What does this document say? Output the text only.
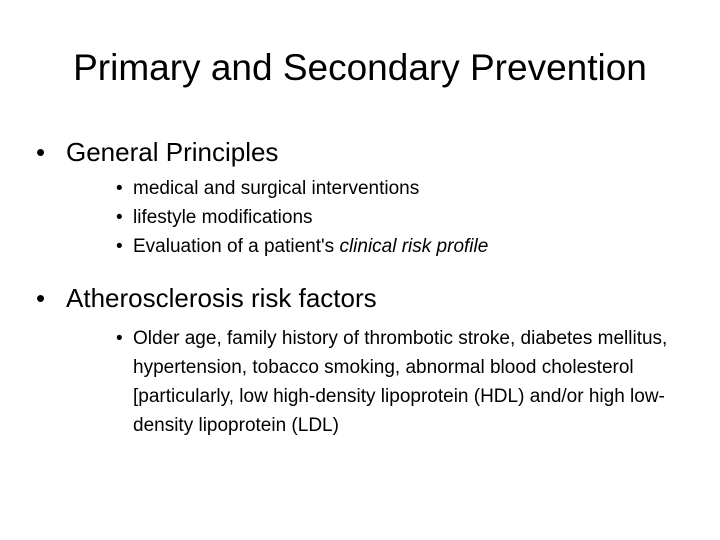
Primary and Secondary Prevention
• General Principles
• medical and surgical interventions
• lifestyle modifications
• Evaluation of a patient's clinical risk profile
• Atherosclerosis risk factors
• Older age, family history of thrombotic stroke, diabetes mellitus, hypertension, tobacco smoking, abnormal blood cholesterol [particularly, low high-density lipoprotein (HDL) and/or high low-density lipoprotein (LDL)
